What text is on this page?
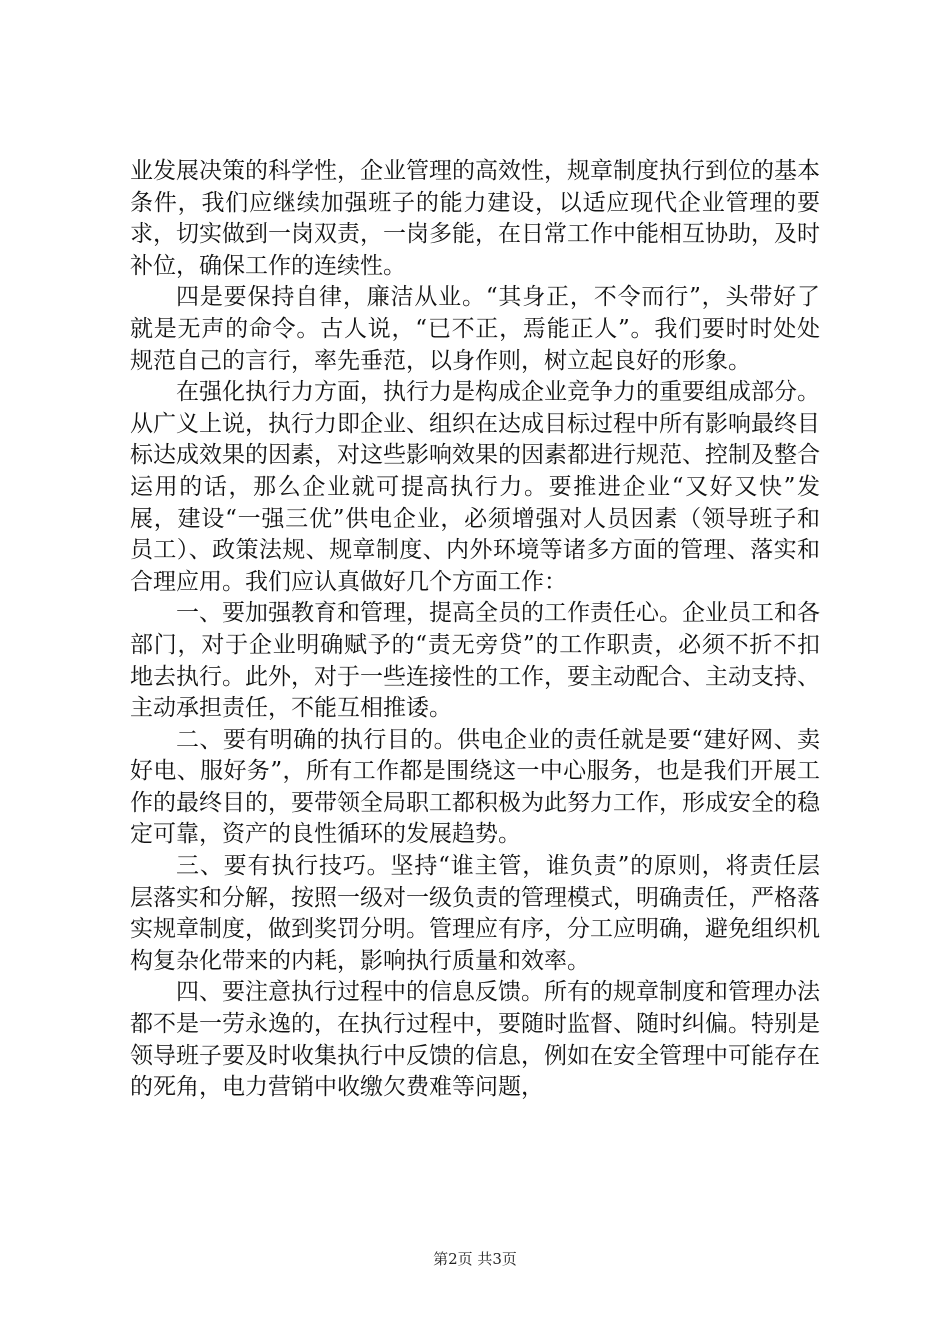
业发展决策的科学性，企业管理的高效性，规章制度执行到位的基本条件，我们应继续加强班子的能力建设，以适应现代企业管理的要求，切实做到一岗双责，一岗多能，在日常工作中能相互协助，及时补位，确保工作的连续性。

四是要保持自律，廉洁从业。“其身正，不令而行”，头带好了就是无声的命令。古人说，“已不正，焉能正人”。我们要时时处处规范自己的言行，率先垂范，以身作则，树立起良好的形象。

在强化执行力方面，执行力是构成企业竞争力的重要组成部分。从广义上说，执行力即企业、组织在达成目标过程中所有影响最终目标达成效果的因素，对这些影响效果的因素都进行规范、控制及整合运用的话，那么企业就可提高执行力。要推进企业“又好又快”发展，建设“一强三优”供电企业，必须增强对人员因素（领导班子和员工）、政策法规、规章制度、内外环境等诸多方面的管理、落实和合理应用。我们应认真做好几个方面工作：

一、要加强教育和管理，提高全员的工作责任心。企业员工和各部门，对于企业明确赋予的“责无旁贷”的工作职责，必须不折不扣地去执行。此外，对于一些连接性的工作，要主动配合、主动支持、主动承担责任，不能互相推诿。

二、要有明确的执行目的。供电企业的责任就是要“建好网、卖好电、服好务”，所有工作都是围绕这一中心服务，也是我们开展工作的最终目的，要带领全局职工都积极为此努力工作，形成安全的稳定可靠，资产的良性循环的发展趋势。

三、要有执行技巧。坚持“谁主管，谁负责”的原则，将责任层层落实和分解，按照一级对一级负责的管理模式，明确责任，严格落实规章制度，做到奖罚分明。管理应有序，分工应明确，避免组织机构复杂化带来的内耗，影响执行质量和效率。

四、要注意执行过程中的信息反馈。所有的规章制度和管理办法都不是一劳永逸的，在执行过程中，要随时监督、随时纠偏。特别是领导班子要及时收集执行中反馈的信息，例如在安全管理中可能存在的死角，电力营销中收缴欠费难等问题，

第2页 共3页
